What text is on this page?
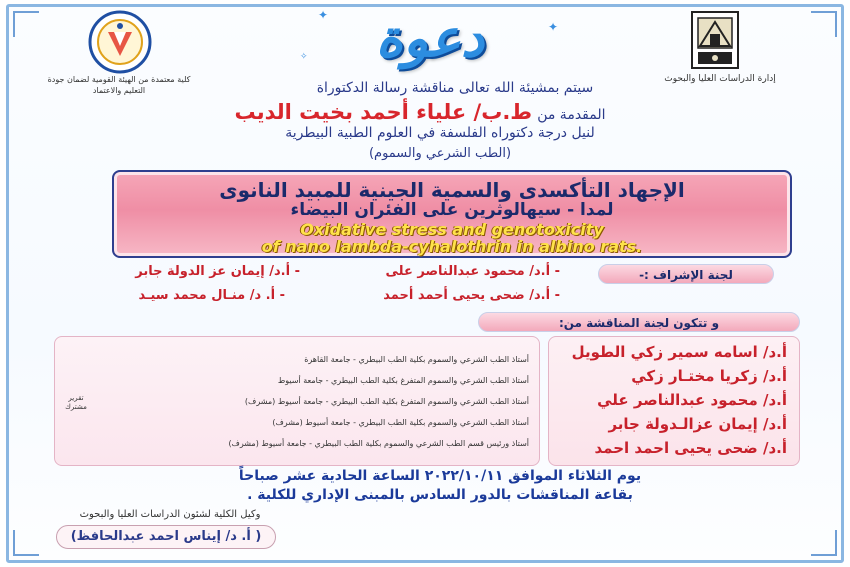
كلية معتمدة من الهيئة القومية لضمان جودة التعليم والاعتماد
إدارة الدراسات العليا والبحوث
دعوة
✦
✦
✧
سيتم بمشيئة الله تعالى مناقشة رسالة الدكتوراة
المقدمة من ط.ب/ علياء أحمد بخيت الديب
لنيل درجة دكتوراه الفلسفة في العلوم الطبية البيطرية
(الطب الشرعي والسموم)
الإجهاد التأكسدى والسمية الجينية للمبيد النانوى
لمدا - سيهالوثرين على الفئران البيضاء
Oxidative stress and genotoxicity
of nano lambda-cyhalothrin in albino rats.
لجنة الإشراف :-
- أ.د/ محمود عبدالناصر على
- أ.د/ إيمان عز الدولة جابر
- أ.د/ ضحى يحيى أحمد أحمد
- أ. د/ منـال محمد سيـد
و تتكون لجنة المناقشة من:
أستاذ الطب الشرعي والسموم بكلية الطب البيطري - جامعة القاهرة
أستاذ الطب الشرعي والسموم المتفرغ بكلية الطب البيطري - جامعة أسيوط
أستاذ الطب الشرعي والسموم المتفرغ بكلية الطب البيطري - جامعة أسيوط (مشرف)
أستاذ الطب الشرعي والسموم بكلية الطب البيطري - جامعة أسيوط (مشرف)
أستاذ ورئيس قسم الطب الشرعي والسموم بكلية الطب البيطري - جامعة أسيوط (مشرف)
تقرير مشترك
أ.د/ اسامه سمير زكي الطويل
أ.د/ زكريا مختـار زكي
أ.د/ محمود عبدالناصر علي
أ.د/ إيمان عزالـدولة جابر
أ.د/ ضحى يحيى احمد احمد
يوم الثلاثاء الموافق ٢٠٢٢/١٠/١١ الساعة الحادية عشر صباحاً
بقاعة المناقشات بالدور السادس بالمبنى الإداري للكلية .
وكيل الكلية لشئون الدراسات العليا والبحوث
( أ. د/ إيناس احمد عبدالحافظ)
